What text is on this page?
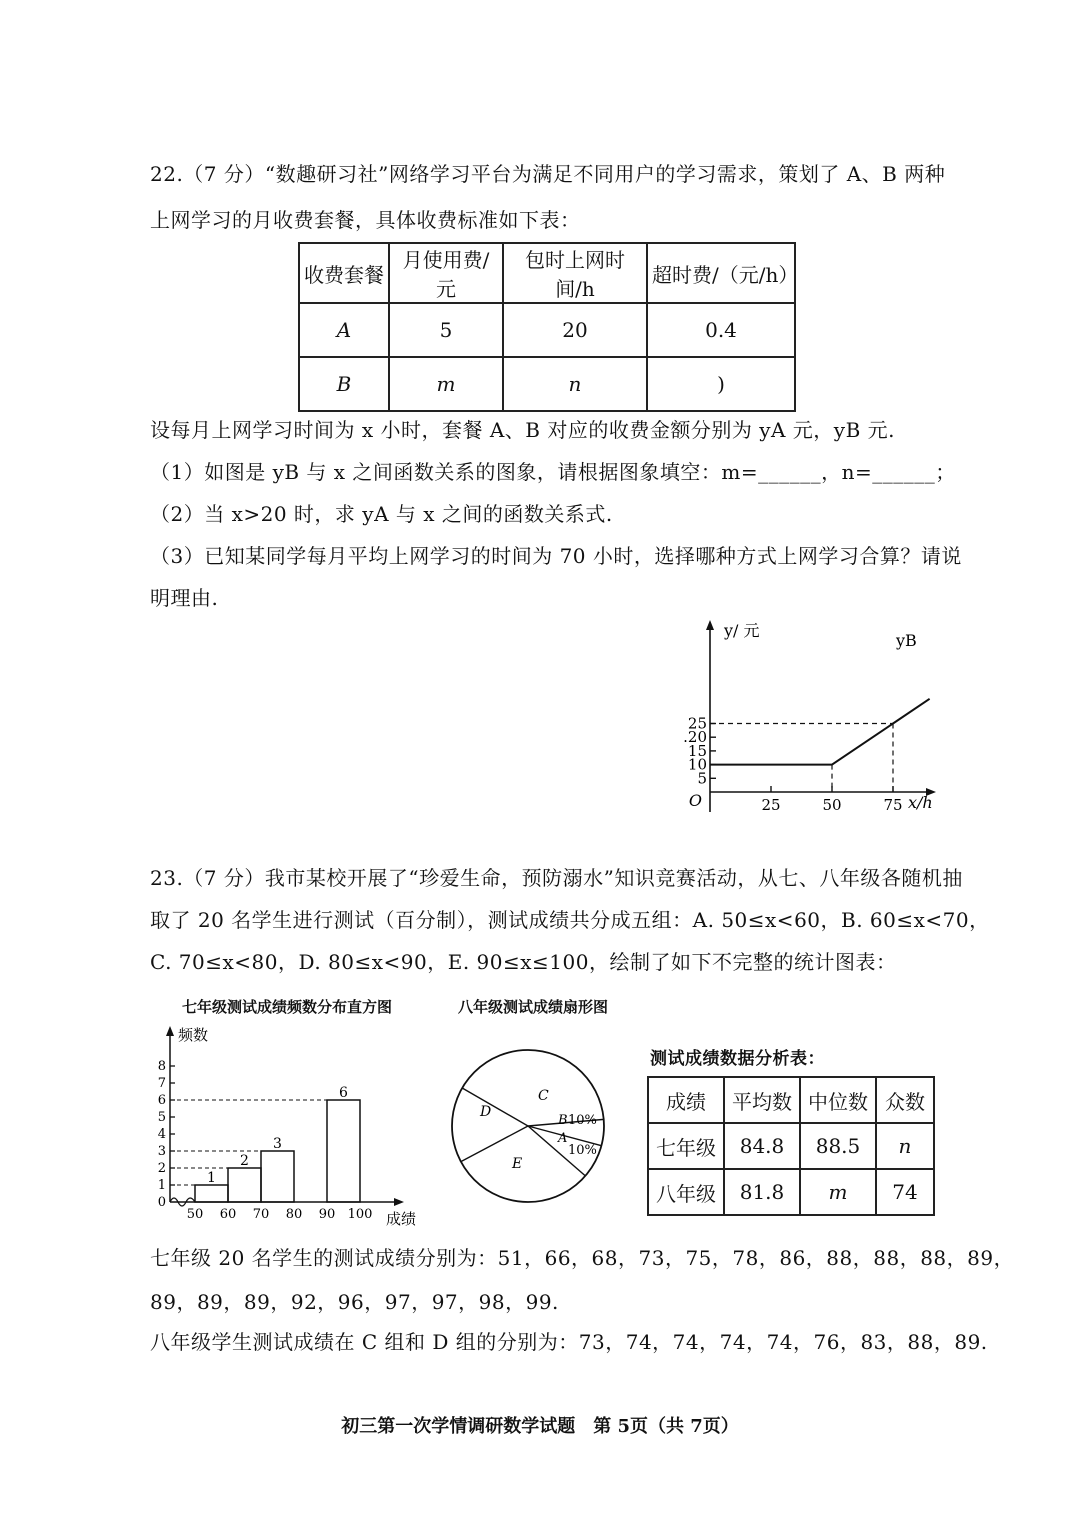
22.（7 分）“数趣研习社”网络学习平台为满足不同用户的学习需求，策划了 A、B 两种
上网学习的月收费套餐，具体收费标准如下表：
收费套餐	月使用费/元	包时上网时间/h	超时费/（元/h）
A	5	20	0.4
B	m	n	)
设每月上网学习时间为 x 小时，套餐 A、B 对应的收费金额分别为 yA 元，yB 元.
（1）如图是 yB 与 x 之间函数关系的图象，请根据图象填空：m=______，n=______；
（2）当 x>20 时，求 yA 与 x 之间的函数关系式.
（3）已知某同学每月平均上网学习的时间为 70 小时，选择哪种方式上网学习合算？请说
明理由.
5
10
15
.20
25
25	50	75
O
y/ 元
x/h
yB
23.（7 分）我市某校开展了“珍爱生命，预防溺水”知识竞赛活动，从七、八年级各随机抽
取了 20 名学生进行测试（百分制），测试成绩共分成五组：A. 50≤x<60，B. 60≤x<70，
C. 70≤x<80，D. 80≤x<90，E. 90≤x≤100，绘制了如下不完整的统计图表：
七年级测试成绩频数分布直方图	八年级测试成绩扇形图
频数
成绩
0
1
2
3
4
5
6
7
8
50 60 70 80 90 100
1
2
3
6	C
D
E
B 10%
A
10%
测试成绩数据分析表：
成绩	平均数	中位数	众数
七年级	84.8	88.5	n
八年级	81.8	m	74
七年级 20 名学生的测试成绩分别为：51，66，68，73，75，78，86，88，88，88，89，
89，89，89，92，96，97，97，98，99.
八年级学生测试成绩在 C 组和 D 组的分别为：73，74，74，74，74，76，83，88，89.
初三第一次学情调研数学试题　第 5页（共 7页）
